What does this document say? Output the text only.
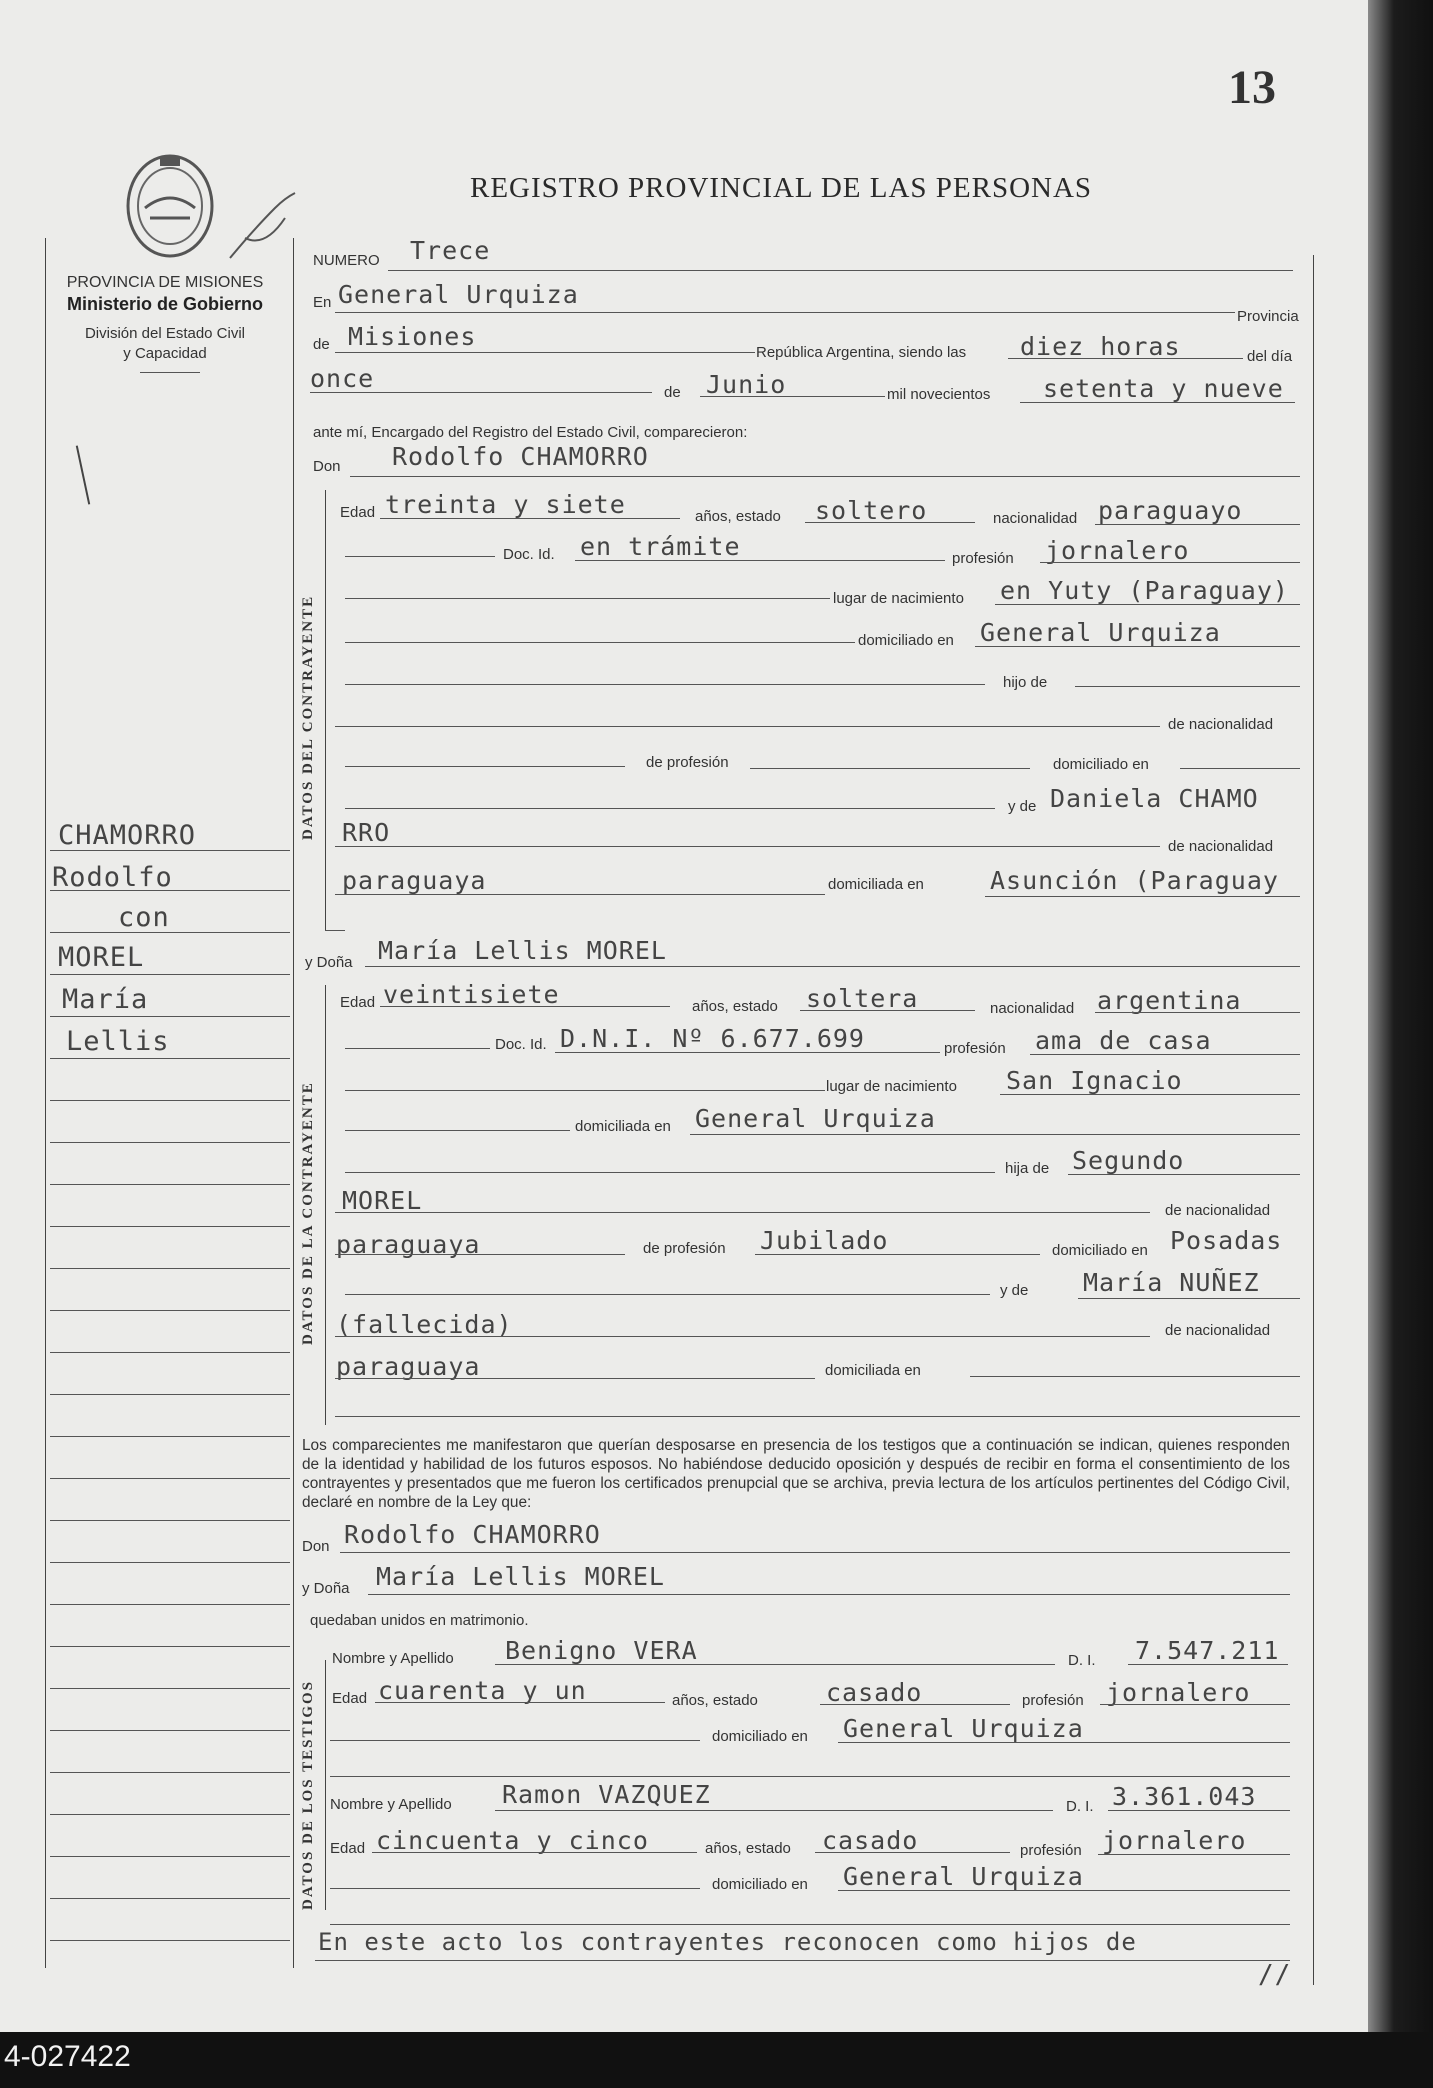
13
REGISTRO PROVINCIAL DE LAS PERSONAS
PROVINCIA DE MISIONES
Ministerio de Gobierno
División del Estado Civil
y Capacidad
CHAMORRO
Rodolfo
con
MOREL
María
Lellis
DATOS DEL CONTRAYENTE
DATOS DE LA CONTRAYENTE
DATOS DE LOS TESTIGOS
NUMERO Trece
En General Urquiza
Provincia
de Misiones
República Argentina, siendo las diez horas	del día
once	de Junio	mil novecientos setenta y nueve
ante mí, Encargado del Registro del Estado Civil, comparecieron:
Don Rodolfo CHAMORRO
Edad treinta y siete	años, estado soltero	nacionalidad paraguayo
Doc. Id. en trámite	profesión jornalero
lugar de nacimiento en Yuty (Paraguay)
domiciliado en General Urquiza
hijo de
de nacionalidad
de profesión	domiciliado en
y de Daniela CHAMO
RRO	de nacionalidad
paraguaya	domiciliada en	Asunción (Paraguay
y Doña María Lellis MOREL
Edad veintisiete	años, estado soltera	nacionalidad argentina
Doc. Id. D.N.I. Nº 6.677.699	profesión ama de casa
lugar de nacimiento San Ignacio
domiciliada en General Urquiza
hija de Segundo
MOREL	de nacionalidad
paraguaya	de profesión Jubilado	domiciliado en Posadas
y de María NUÑEZ
(fallecida)	de nacionalidad
paraguaya	domiciliada en
Los comparecientes me manifestaron que querían desposarse en presencia de los testigos que a continuación se indican, quienes responden de la identidad y habilidad de los futuros esposos. No habiéndose deducido oposición y después de recibir en forma el consentimiento de los contrayentes y presentados que me fueron los certificados prenupcial que se archiva, previa lectura de los artículos pertinentes del Código Civil, declaré en nombre de la Ley que:
Don Rodolfo CHAMORRO
y Doña María Lellis MOREL
quedaban unidos en matrimonio.
Nombre y Apellido Benigno VERA	D. I. 7.547.211
Edad cuarenta y un	años, estado	casado	profesión jornalero
domiciliado en General Urquiza
Nombre y Apellido Ramon VAZQUEZ	D. I. 3.361.043
Edad cincuenta y cinco	años, estado casado	profesión jornalero
domiciliado en General Urquiza
En este acto los contrayentes reconocen como hijos de
//
4-027422
